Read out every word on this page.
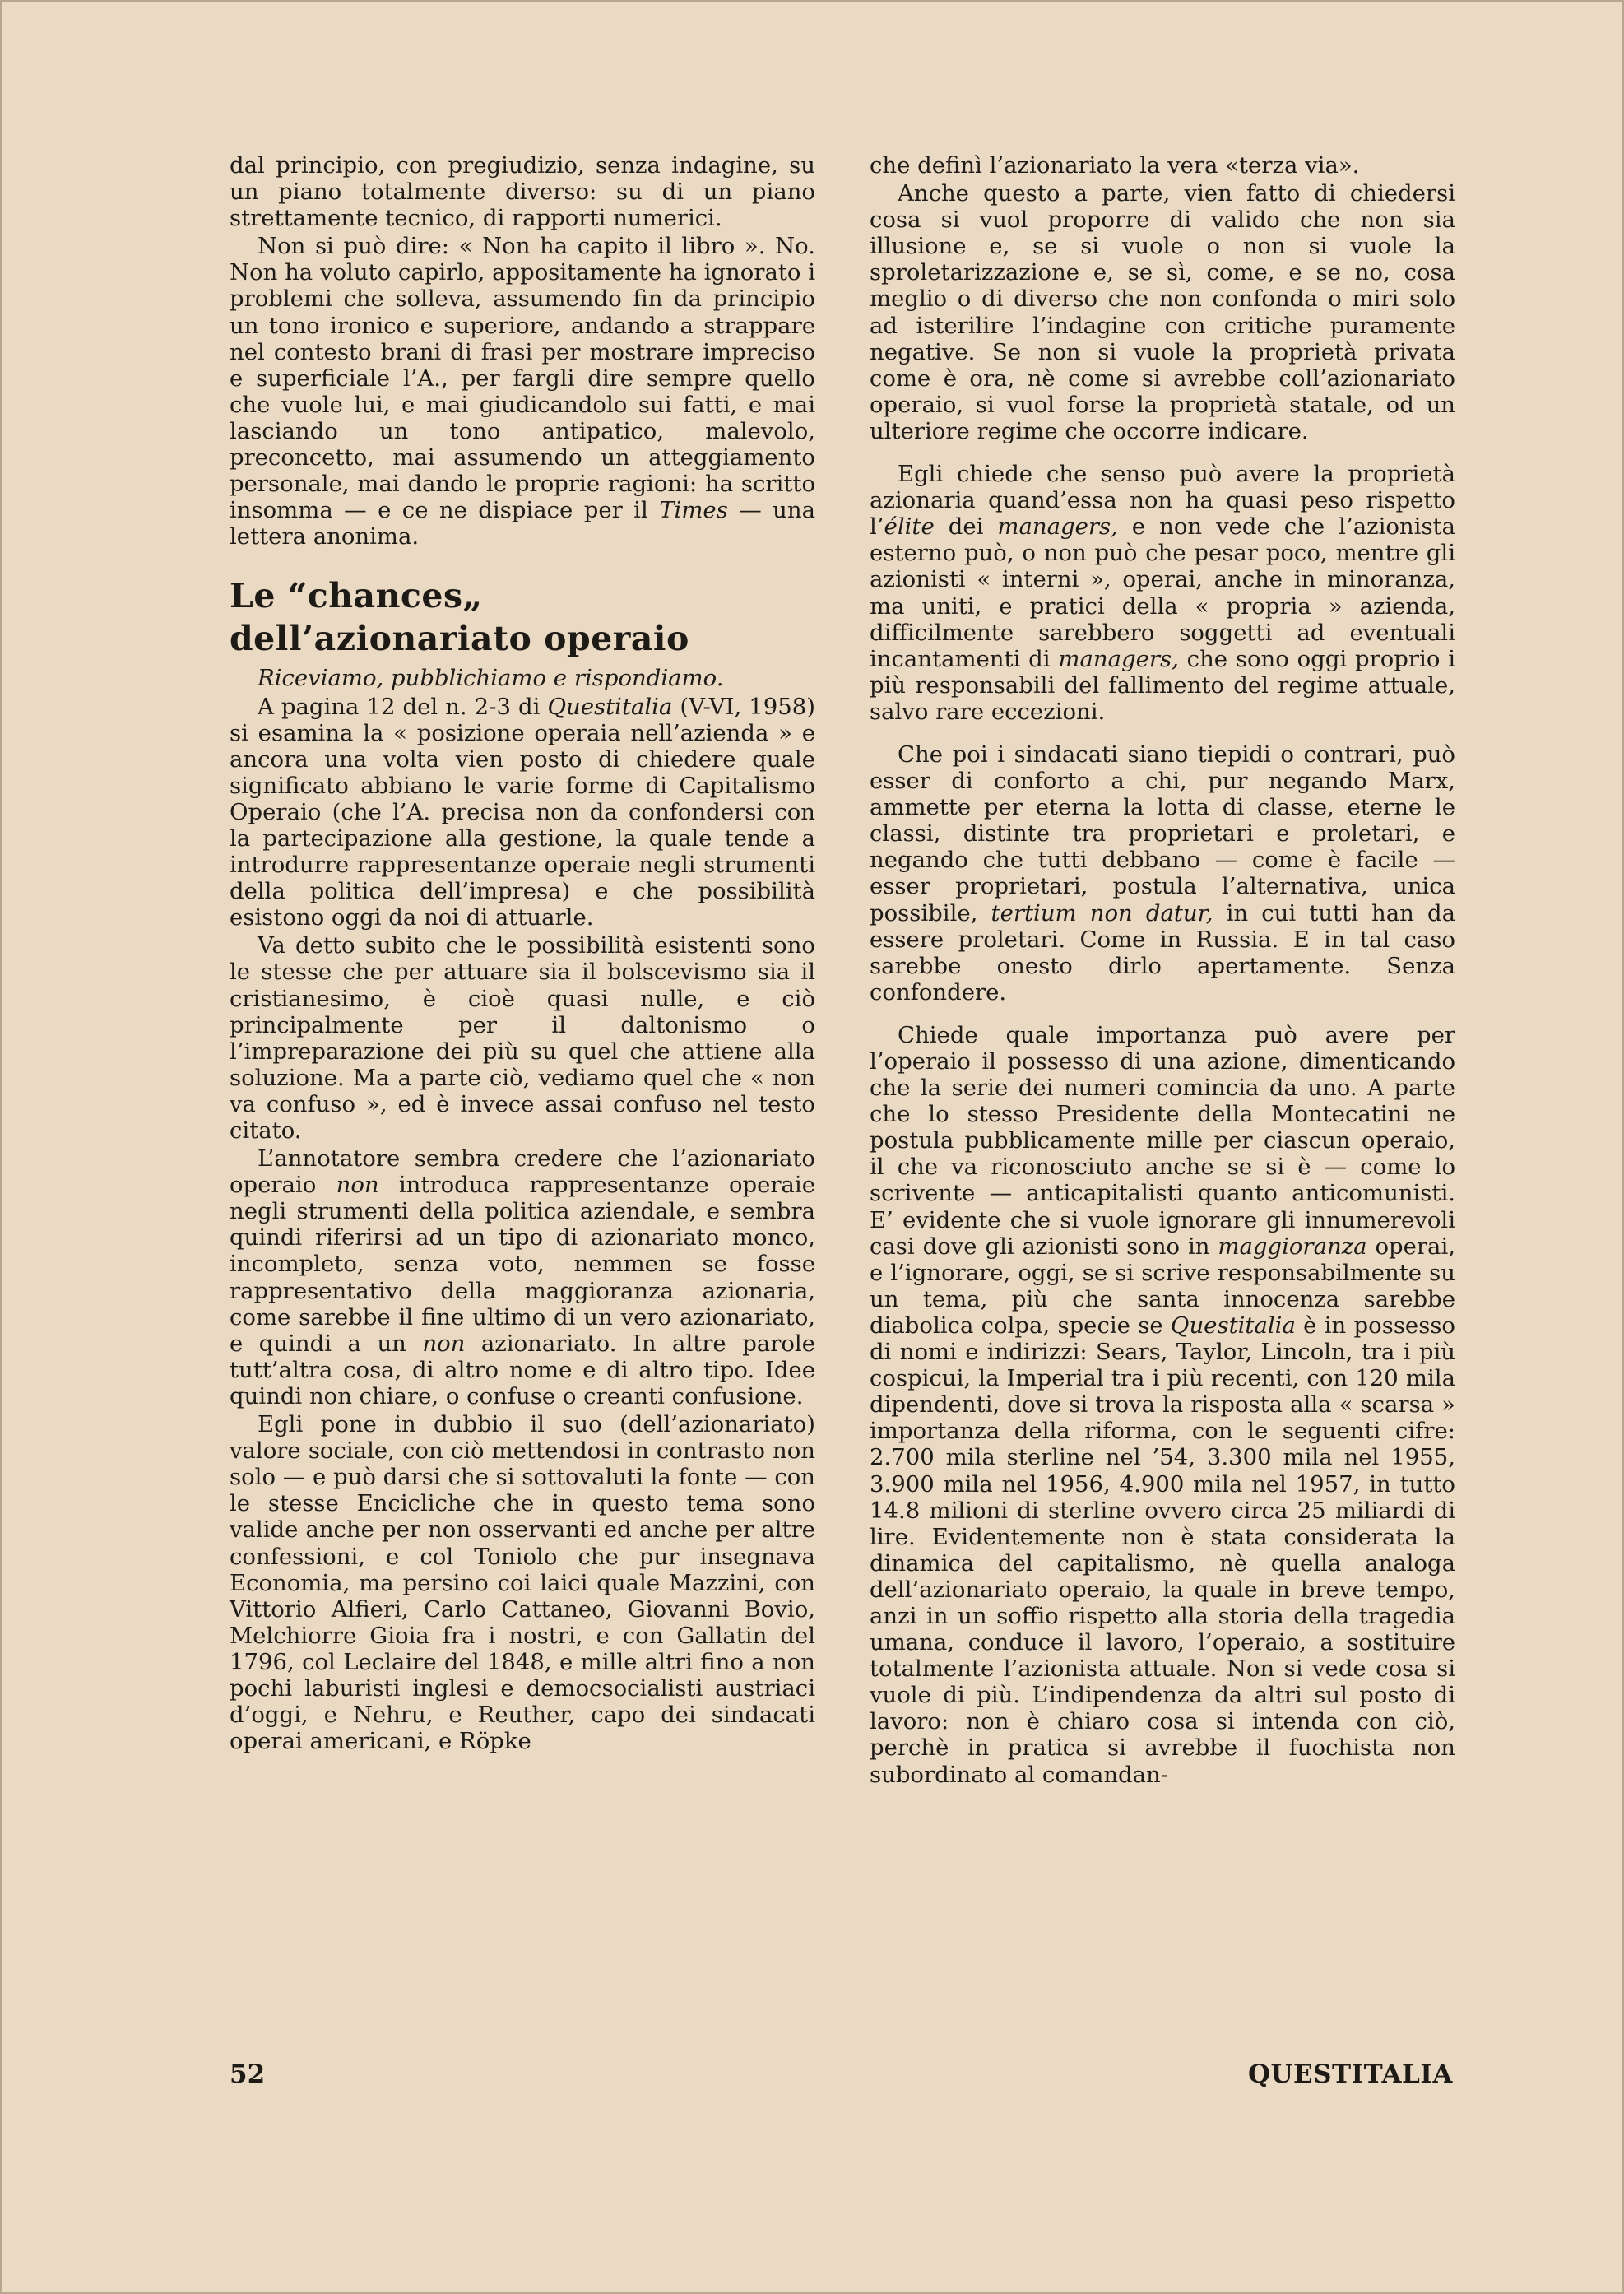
dal principio, con pregiudizio, senza indagine, su un piano totalmente diverso: su di un piano strettamente tecnico, di rapporti numerici.

Non si può dire: « Non ha capito il libro ». No. Non ha voluto capirlo, appositamente ha ignorato i problemi che solleva, assumendo fin da principio un tono ironico e superiore, andando a strappare nel contesto brani di frasi per mostrare impreciso e superficiale l’A., per fargli dire sempre quello che vuole lui, e mai giudicandolo sui fatti, e mai lasciando un tono antipatico, malevolo, preconcetto, mai assumendo un atteggiamento personale, mai dando le proprie ragioni: ha scritto insomma — e ce ne dispiace per il Times — una lettera anonima.

Le “chances„
dell’azionariato operaio

Riceviamo, pubblichiamo e rispondiamo.

A pagina 12 del n. 2-3 di Questitalia (V-VI, 1958) si esamina la « posizione operaia nell’azienda » e ancora una volta vien posto di chiedere quale significato abbiano le varie forme di Capitalismo Operaio (che l’A. precisa non da confondersi con la partecipazione alla gestione, la quale tende a introdurre rappresentanze operaie negli strumenti della politica dell’impresa) e che possibilità esistono oggi da noi di attuarle.

Va detto subito che le possibilità esistenti sono le stesse che per attuare sia il bolscevismo sia il cristianesimo, è cioè quasi nulle, e ciò principalmente per il daltonismo o l’impreparazione dei più su quel che attiene alla soluzione. Ma a parte ciò, vediamo quel che « non va confuso », ed è invece assai confuso nel testo citato.

L’annotatore sembra credere che l’azionariato operaio non introduca rappresentanze operaie negli strumenti della politica aziendale, e sembra quindi riferirsi ad un tipo di azionariato monco, incompleto, senza voto, nemmen se fosse rappresentativo della maggioranza azionaria, come sarebbe il fine ultimo di un vero azionariato, e quindi a un non azionariato. In altre parole tutt’altra cosa, di altro nome e di altro tipo. Idee quindi non chiare, o confuse o creanti confusione.

Egli pone in dubbio il suo (dell’azionariato) valore sociale, con ciò mettendosi in contrasto non solo — e può darsi che si sottovaluti la fonte — con le stesse Encicliche che in questo tema sono valide anche per non osservanti ed anche per altre confessioni, e col Toniolo che pur insegnava Economia, ma persino coi laici quale Mazzini, con Vittorio Alfieri, Carlo Cattaneo, Giovanni Bovio, Melchiorre Gioia fra i nostri, e con Gallatin del 1796, col Leclaire del 1848, e mille altri fino a non pochi laburisti inglesi e democsocialisti austriaci d’oggi, e Nehru, e Reuther, capo dei sindacati operai americani, e Röpke

che definì l’azionariato la vera «terza via».

Anche questo a parte, vien fatto di chiedersi cosa si vuol proporre di valido che non sia illusione e, se si vuole o non si vuole la sproletarizzazione e, se sì, come, e se no, cosa meglio o di diverso che non confonda o miri solo ad isterilire l’indagine con critiche puramente negative. Se non si vuole la proprietà privata come è ora, nè come si avrebbe coll’azionariato operaio, si vuol forse la proprietà statale, od un ulteriore regime che occorre indicare.

Egli chiede che senso può avere la proprietà azionaria quand’essa non ha quasi peso rispetto l’élite dei managers, e non vede che l’azionista esterno può, o non può che pesar poco, mentre gli azionisti « interni », operai, anche in minoranza, ma uniti, e pratici della « propria » azienda, difficilmente sarebbero soggetti ad eventuali incantamenti di managers, che sono oggi proprio i più responsabili del fallimento del regime attuale, salvo rare eccezioni.

Che poi i sindacati siano tiepidi o contrari, può esser di conforto a chi, pur negando Marx, ammette per eterna la lotta di classe, eterne le classi, distinte tra proprietari e proletari, e negando che tutti debbano — come è facile — esser proprietari, postula l’alternativa, unica possibile, tertium non datur, in cui tutti han da essere proletari. Come in Russia. E in tal caso sarebbe onesto dirlo apertamente. Senza confondere.

Chiede quale importanza può avere per l’operaio il possesso di una azione, dimenticando che la serie dei numeri comincia da uno. A parte che lo stesso Presidente della Montecatini ne postula pubblicamente mille per ciascun operaio, il che va riconosciuto anche se si è — come lo scrivente — anticapitalisti quanto anticomunisti. E’ evidente che si vuole ignorare gli innumerevoli casi dove gli azionisti sono in maggioranza operai, e l’ignorare, oggi, se si scrive responsabilmente su un tema, più che santa innocenza sarebbe diabolica colpa, specie se Questitalia è in possesso di nomi e indirizzi: Sears, Taylor, Lincoln, tra i più cospicui, la Imperial tra i più recenti, con 120 mila dipendenti, dove si trova la risposta alla « scarsa » importanza della riforma, con le seguenti cifre: 2.700 mila sterline nel ’54, 3.300 mila nel 1955, 3.900 mila nel 1956, 4.900 mila nel 1957, in tutto 14.8 milioni di sterline ovvero circa 25 miliardi di lire. Evidentemente non è stata considerata la dinamica del capitalismo, nè quella analoga dell’azionariato operaio, la quale in breve tempo, anzi in un soffio rispetto alla storia della tragedia umana, conduce il lavoro, l’operaio, a sostituire totalmente l’azionista attuale. Non si vede cosa si vuole di più. L’indipendenza da altri sul posto di lavoro: non è chiaro cosa si intenda con ciò, perchè in pratica si avrebbe il fuochista non subordinato al comandan-

52	QUESTITALIA
